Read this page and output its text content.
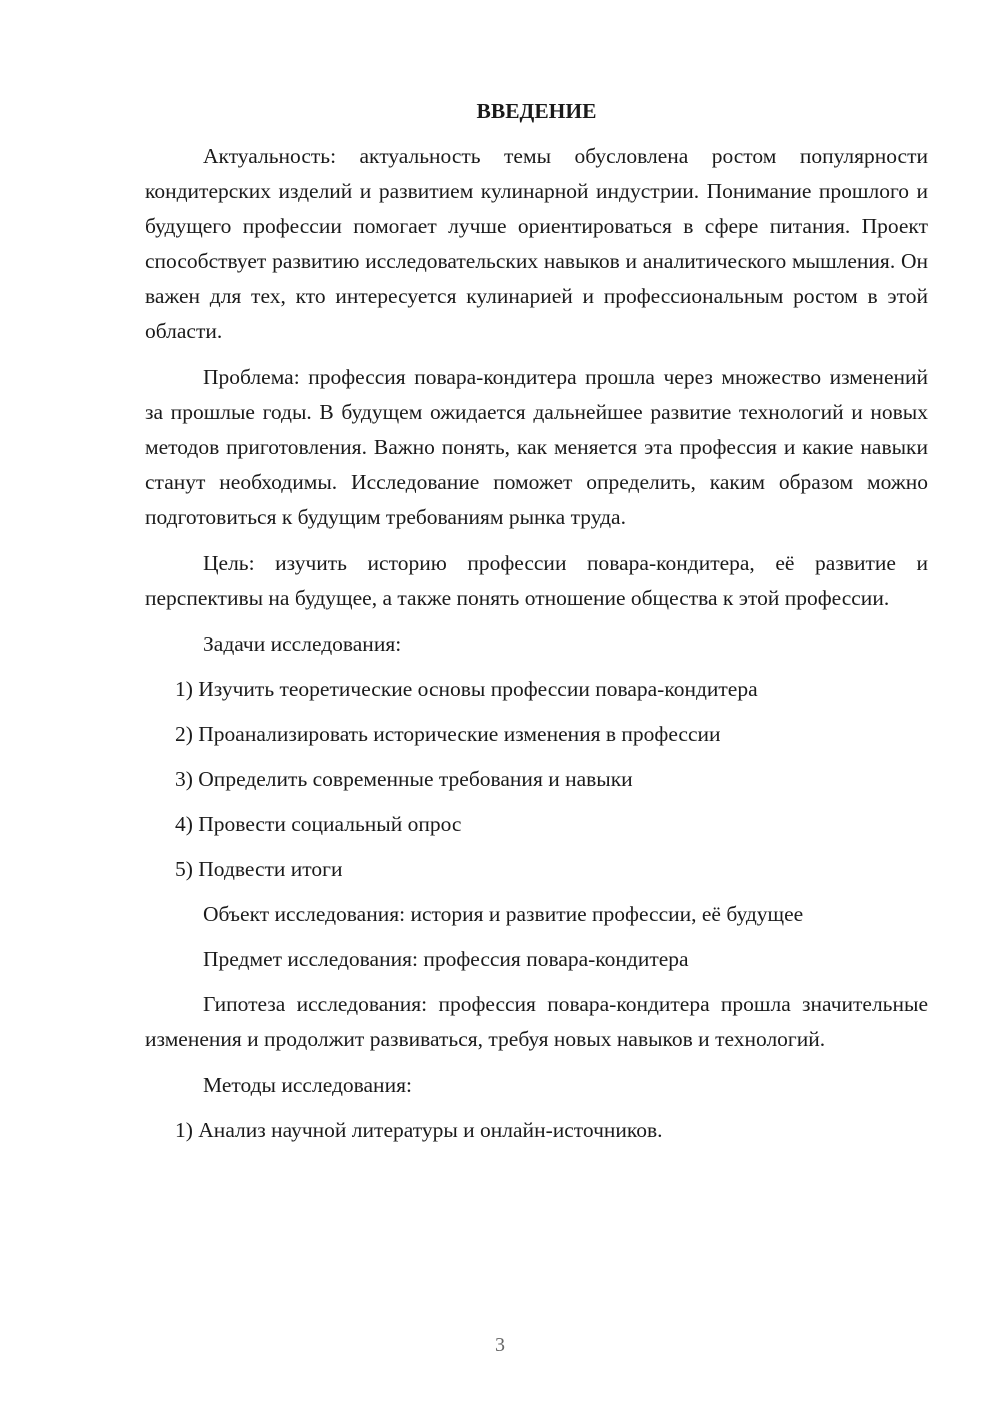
ВВЕДЕНИЕ

Актуальность: актуальность темы обусловлена ростом популярности кондитерских изделий и развитием кулинарной индустрии. Понимание прошлого и будущего профессии помогает лучше ориентироваться в сфере питания. Проект способствует развитию исследовательских навыков и аналитического мышления. Он важен для тех, кто интересуется кулинарией и профессиональным ростом в этой области.

Проблема: профессия повара-кондитера прошла через множество изменений за прошлые годы. В будущем ожидается дальнейшее развитие технологий и новых методов приготовления. Важно понять, как меняется эта профессия и какие навыки станут необходимы. Исследование поможет определить, каким образом можно подготовиться к будущим требованиям рынка труда.

Цель: изучить историю профессии повара-кондитера, её развитие и перспективы на будущее, а также понять отношение общества к этой профессии.

Задачи исследования:
1) Изучить теоретические основы профессии повара-кондитера
2) Проанализировать исторические изменения в профессии
3) Определить современные требования и навыки
4) Провести социальный опрос
5) Подвести итоги
Объект исследования: история и развитие профессии, её будущее
Предмет исследования: профессия повара-кондитера

Гипотеза исследования: профессия повара-кондитера прошла значительные изменения и продолжит развиваться, требуя новых навыков и технологий.

Методы исследования:
1) Анализ научной литературы и онлайн-источников.
3
